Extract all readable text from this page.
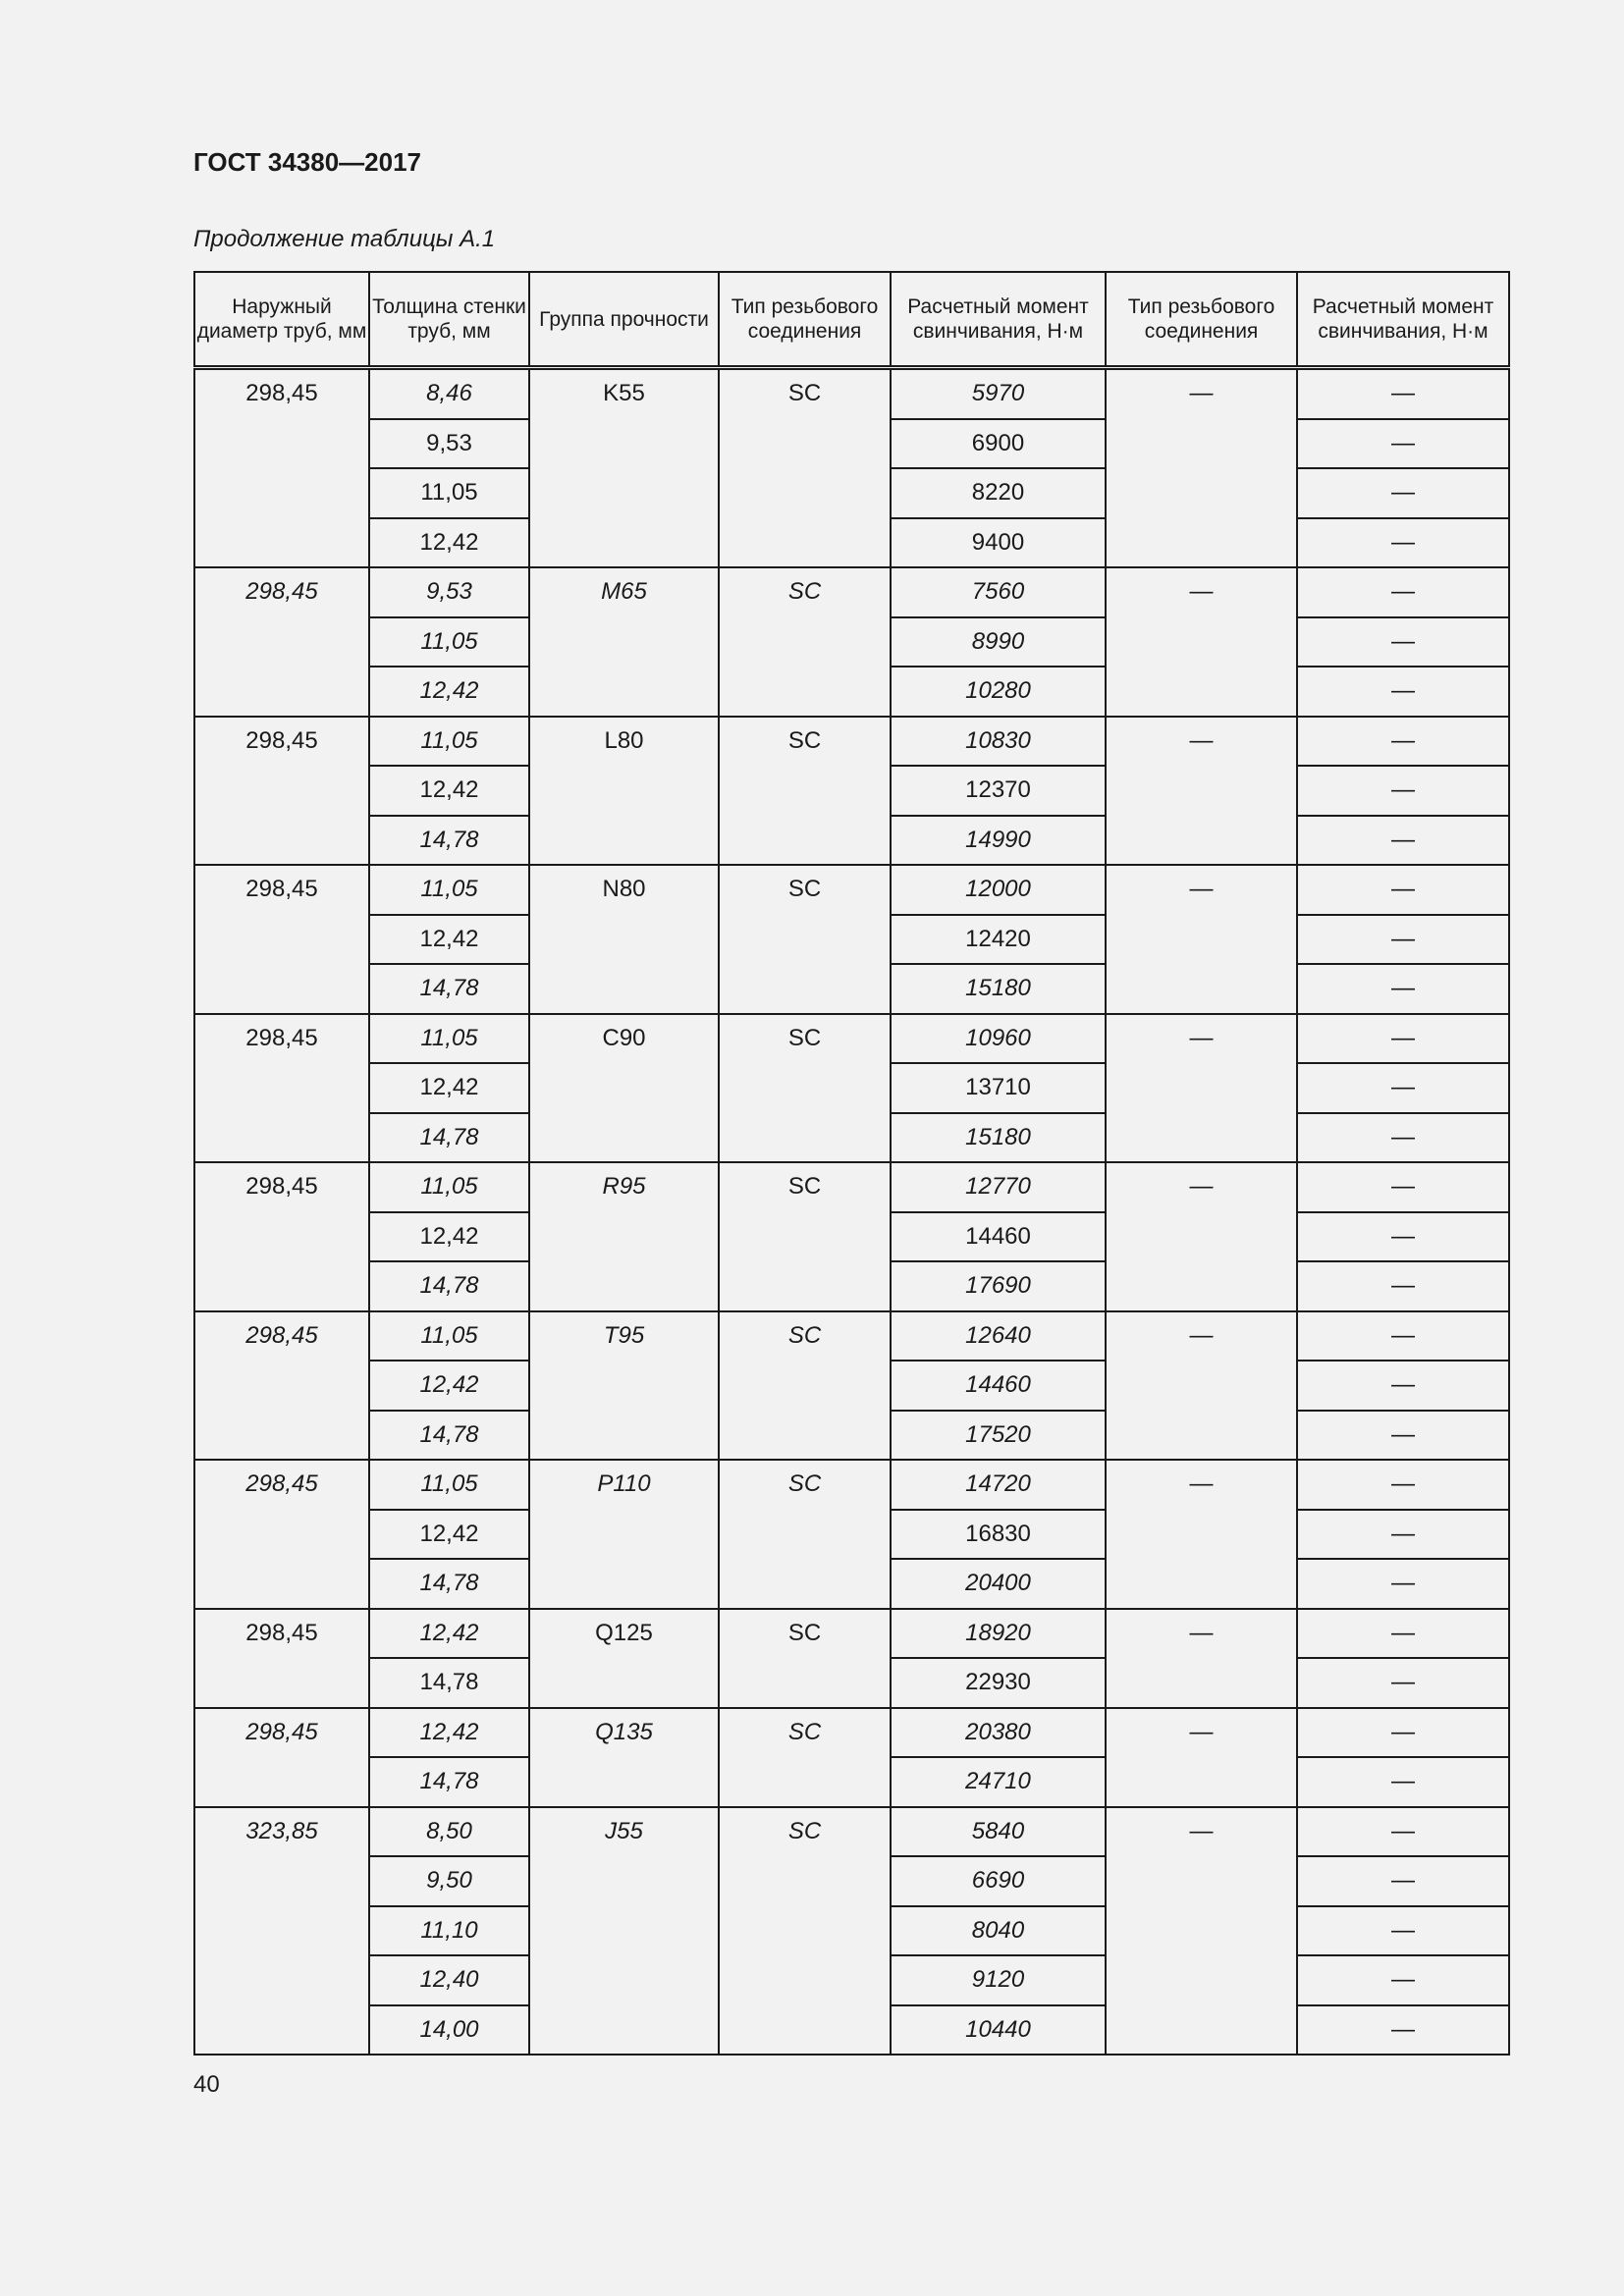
ГОСТ 34380—2017
Продолжение таблицы А.1
Наружный диаметр труб, мм	Толщина стенки труб, мм	Группа прочности	Тип резьбового соединения	Расчетный момент свинчивания, Н·м	Тип резьбового соединения	Расчетный момент свинчивания, Н·м
298,45	8,46	K55	SC	5970	—	—
	9,53			6900		—
	11,05			8220		—
	12,42			9400		—
298,45	9,53	M65	SC	7560	—	—
	11,05			8990		—
	12,42			10280		—
298,45	11,05	L80	SC	10830	—	—
	12,42			12370		—
	14,78			14990		—
298,45	11,05	N80	SC	12000	—	—
	12,42			12420		—
	14,78			15180		—
298,45	11,05	C90	SC	10960	—	—
	12,42			13710		—
	14,78			15180		—
298,45	11,05	R95	SC	12770	—	—
	12,42			14460		—
	14,78			17690		—
298,45	11,05	T95	SC	12640	—	—
	12,42			14460		—
	14,78			17520		—
298,45	11,05	P110	SC	14720	—	—
	12,42			16830		—
	14,78			20400		—
298,45	12,42	Q125	SC	18920	—	—
	14,78			22930		—
298,45	12,42	Q135	SC	20380	—	—
	14,78			24710		—
323,85	8,50	J55	SC	5840	—	—
	9,50			6690		—
	11,10			8040		—
	12,40			9120		—
	14,00			10440		—
40
